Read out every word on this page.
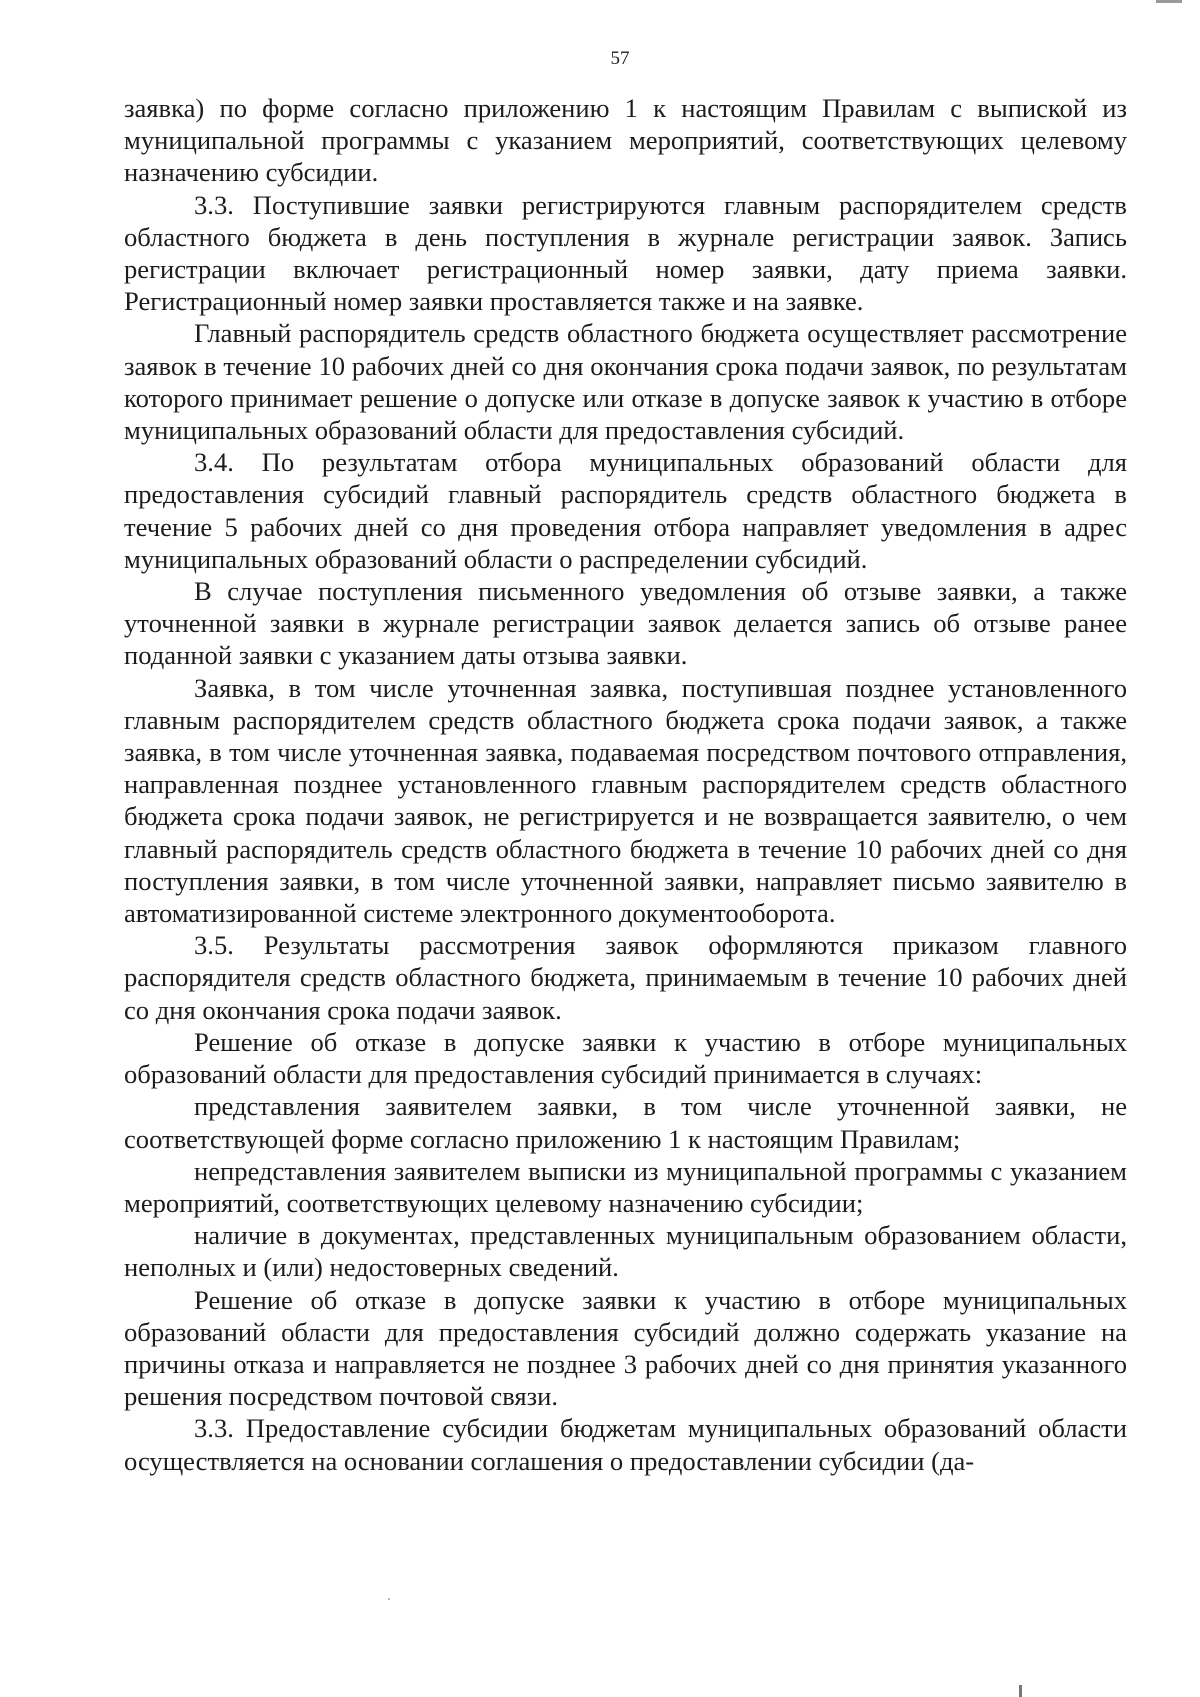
57

заявка) по форме согласно приложению 1 к настоящим Правилам с выпиской из муниципальной программы с указанием мероприятий, соответствующих целевому назначению субсидии.

3.3. Поступившие заявки регистрируются главным распорядителем средств областного бюджета в день поступления в журнале регистрации заявок. Запись регистрации включает регистрационный номер заявки, дату приема заявки. Регистрационный номер заявки проставляется также и на заявке.

Главный распорядитель средств областного бюджета осуществляет рассмотрение заявок в течение 10 рабочих дней со дня окончания срока подачи заявок, по результатам которого принимает решение о допуске или отказе в допуске заявок к участию в отборе муниципальных образований области для предоставления субсидий.

3.4. По результатам отбора муниципальных образований области для предоставления субсидий главный распорядитель средств областного бюджета в течение 5 рабочих дней со дня проведения отбора направляет уведомления в адрес муниципальных образований области о распределении субсидий.

В случае поступления письменного уведомления об отзыве заявки, а также уточненной заявки в журнале регистрации заявок делается запись об отзыве ранее поданной заявки с указанием даты отзыва заявки.

Заявка, в том числе уточненная заявка, поступившая позднее установленного главным распорядителем средств областного бюджета срока подачи заявок, а также заявка, в том числе уточненная заявка, подаваемая посредством почтового отправления, направленная позднее установленного главным распорядителем средств областного бюджета срока подачи заявок, не регистрируется и не возвращается заявителю, о чем главный распорядитель средств областного бюджета в течение 10 рабочих дней со дня поступления заявки, в том числе уточненной заявки, направляет письмо заявителю в автоматизированной системе электронного документооборота.

3.5. Результаты рассмотрения заявок оформляются приказом главного распорядителя средств областного бюджета, принимаемым в течение 10 рабочих дней со дня окончания срока подачи заявок.

Решение об отказе в допуске заявки к участию в отборе муниципальных образований области для предоставления субсидий принимается в случаях:

представления заявителем заявки, в том числе уточненной заявки, не соответствующей форме согласно приложению 1 к настоящим Правилам;

непредставления заявителем выписки из муниципальной программы с указанием мероприятий, соответствующих целевому назначению субсидии;

наличие в документах, представленных муниципальным образованием области, неполных и (или) недостоверных сведений.

Решение об отказе в допуске заявки к участию в отборе муниципальных образований области для предоставления субсидий должно содержать указание на причины отказа и направляется не позднее 3 рабочих дней со дня принятия указанного решения посредством почтовой связи.

3.3. Предоставление субсидии бюджетам муниципальных образований области осуществляется на основании соглашения о предоставлении субсидии (да-
